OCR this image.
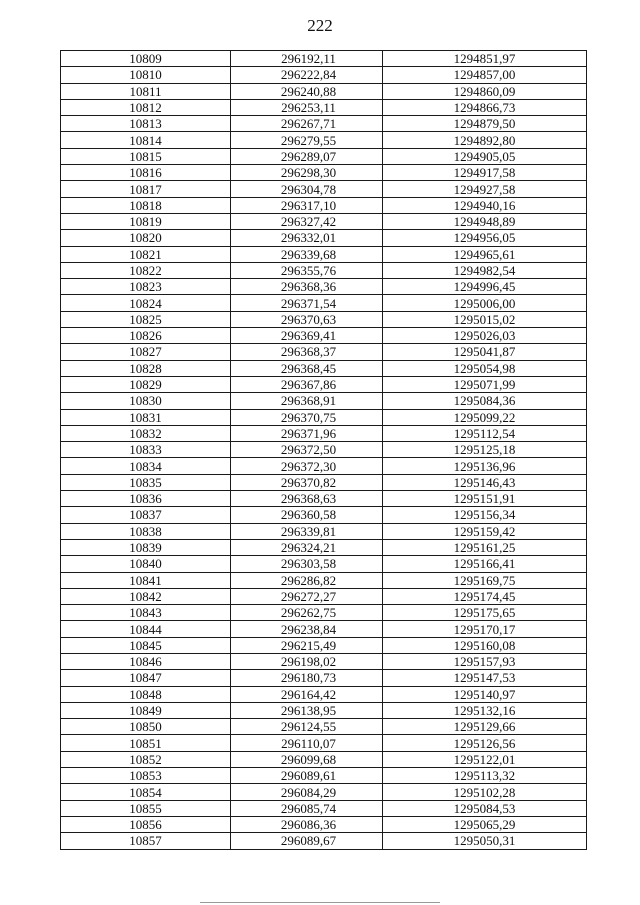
222
10809	296192,11	1294851,97
10810	296222,84	1294857,00
10811	296240,88	1294860,09
10812	296253,11	1294866,73
10813	296267,71	1294879,50
10814	296279,55	1294892,80
10815	296289,07	1294905,05
10816	296298,30	1294917,58
10817	296304,78	1294927,58
10818	296317,10	1294940,16
10819	296327,42	1294948,89
10820	296332,01	1294956,05
10821	296339,68	1294965,61
10822	296355,76	1294982,54
10823	296368,36	1294996,45
10824	296371,54	1295006,00
10825	296370,63	1295015,02
10826	296369,41	1295026,03
10827	296368,37	1295041,87
10828	296368,45	1295054,98
10829	296367,86	1295071,99
10830	296368,91	1295084,36
10831	296370,75	1295099,22
10832	296371,96	1295112,54
10833	296372,50	1295125,18
10834	296372,30	1295136,96
10835	296370,82	1295146,43
10836	296368,63	1295151,91
10837	296360,58	1295156,34
10838	296339,81	1295159,42
10839	296324,21	1295161,25
10840	296303,58	1295166,41
10841	296286,82	1295169,75
10842	296272,27	1295174,45
10843	296262,75	1295175,65
10844	296238,84	1295170,17
10845	296215,49	1295160,08
10846	296198,02	1295157,93
10847	296180,73	1295147,53
10848	296164,42	1295140,97
10849	296138,95	1295132,16
10850	296124,55	1295129,66
10851	296110,07	1295126,56
10852	296099,68	1295122,01
10853	296089,61	1295113,32
10854	296084,29	1295102,28
10855	296085,74	1295084,53
10856	296086,36	1295065,29
10857	296089,67	1295050,31
